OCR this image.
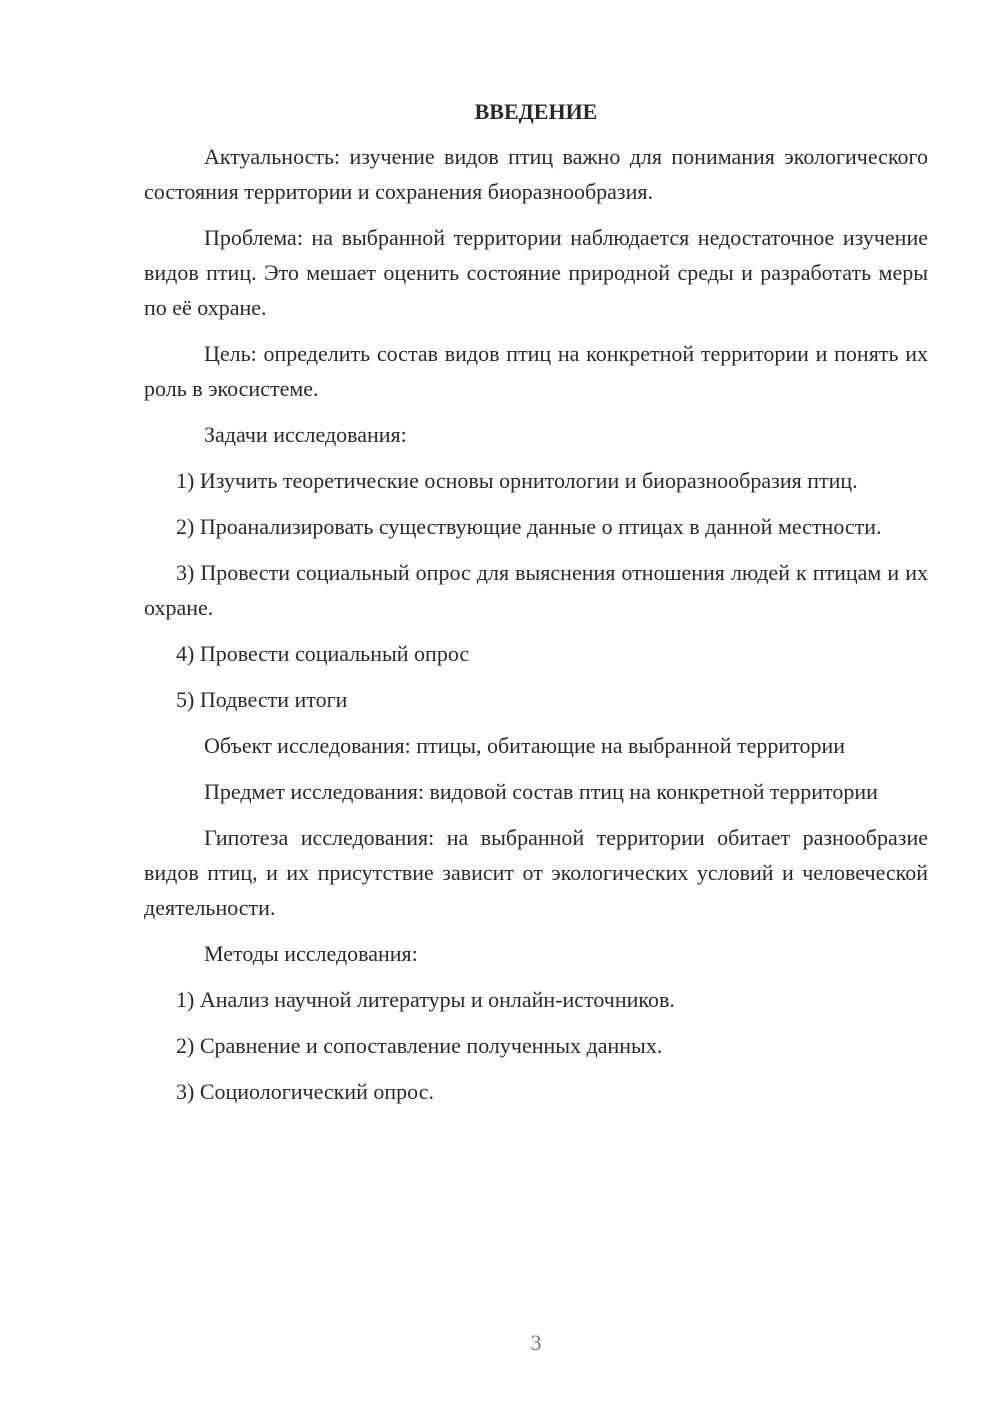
ВВЕДЕНИЕ
Актуальность: изучение видов птиц важно для понимания экологического состояния территории и сохранения биоразнообразия.
Проблема: на выбранной территории наблюдается недостаточное изучение видов птиц. Это мешает оценить состояние природной среды и разработать меры по её охране.
Цель: определить состав видов птиц на конкретной территории и понять их роль в экосистеме.
Задачи исследования:
1) Изучить теоретические основы орнитологии и биоразнообразия птиц.
2) Проанализировать существующие данные о птицах в данной местности.
3) Провести социальный опрос для выяснения отношения людей к птицам и их охране.
4) Провести социальный опрос
5) Подвести итоги
Объект исследования: птицы, обитающие на выбранной территории
Предмет исследования: видовой состав птиц на конкретной территории
Гипотеза исследования: на выбранной территории обитает разнообразие видов птиц, и их присутствие зависит от экологических условий и человеческой деятельности.
Методы исследования:
1) Анализ научной литературы и онлайн-источников.
2) Сравнение и сопоставление полученных данных.
3) Социологический опрос.
3
